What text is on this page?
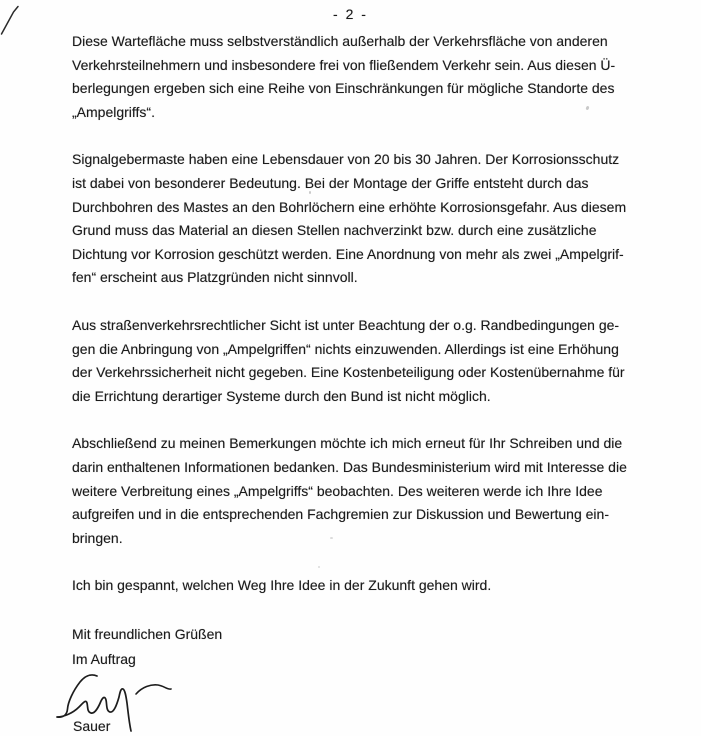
- 2 -
Diese Wartefläche muss selbstverständlich außerhalb der Verkehrsfläche von anderen
Verkehrsteilnehmern und insbesondere frei von fließendem Verkehr sein. Aus diesen Ü-
berlegungen ergeben sich eine Reihe von Einschränkungen für mögliche Standorte des
„Ampelgriffs“.
Signalgebermaste haben eine Lebensdauer von 20 bis 30 Jahren. Der Korrosionsschutz
ist dabei von besonderer Bedeutung. Bei der Montage der Griffe entsteht durch das
Durchbohren des Mastes an den Bohrlöchern eine erhöhte Korrosionsgefahr. Aus diesem
Grund muss das Material an diesen Stellen nachverzinkt bzw. durch eine zusätzliche
Dichtung vor Korrosion geschützt werden. Eine Anordnung von mehr als zwei „Ampelgrif-
fen“ erscheint aus Platzgründen nicht sinnvoll.
Aus straßenverkehrsrechtlicher Sicht ist unter Beachtung der o.g. Randbedingungen ge-
gen die Anbringung von „Ampelgriffen“ nichts einzuwenden. Allerdings ist eine Erhöhung
der Verkehrssicherheit nicht gegeben. Eine Kostenbeteiligung oder Kostenübernahme für
die Errichtung derartiger Systeme durch den Bund ist nicht möglich.
Abschließend zu meinen Bemerkungen möchte ich mich erneut für Ihr Schreiben und die
darin enthaltenen Informationen bedanken. Das Bundesministerium wird mit Interesse die
weitere Verbreitung eines „Ampelgriffs“ beobachten. Des weiteren werde ich Ihre Idee
aufgreifen und in die entsprechenden Fachgremien zur Diskussion und Bewertung ein-
bringen.
Ich bin gespannt, welchen Weg Ihre Idee in der Zukunft gehen wird.
Mit freundlichen Grüßen
Im Auftrag
Sauer
